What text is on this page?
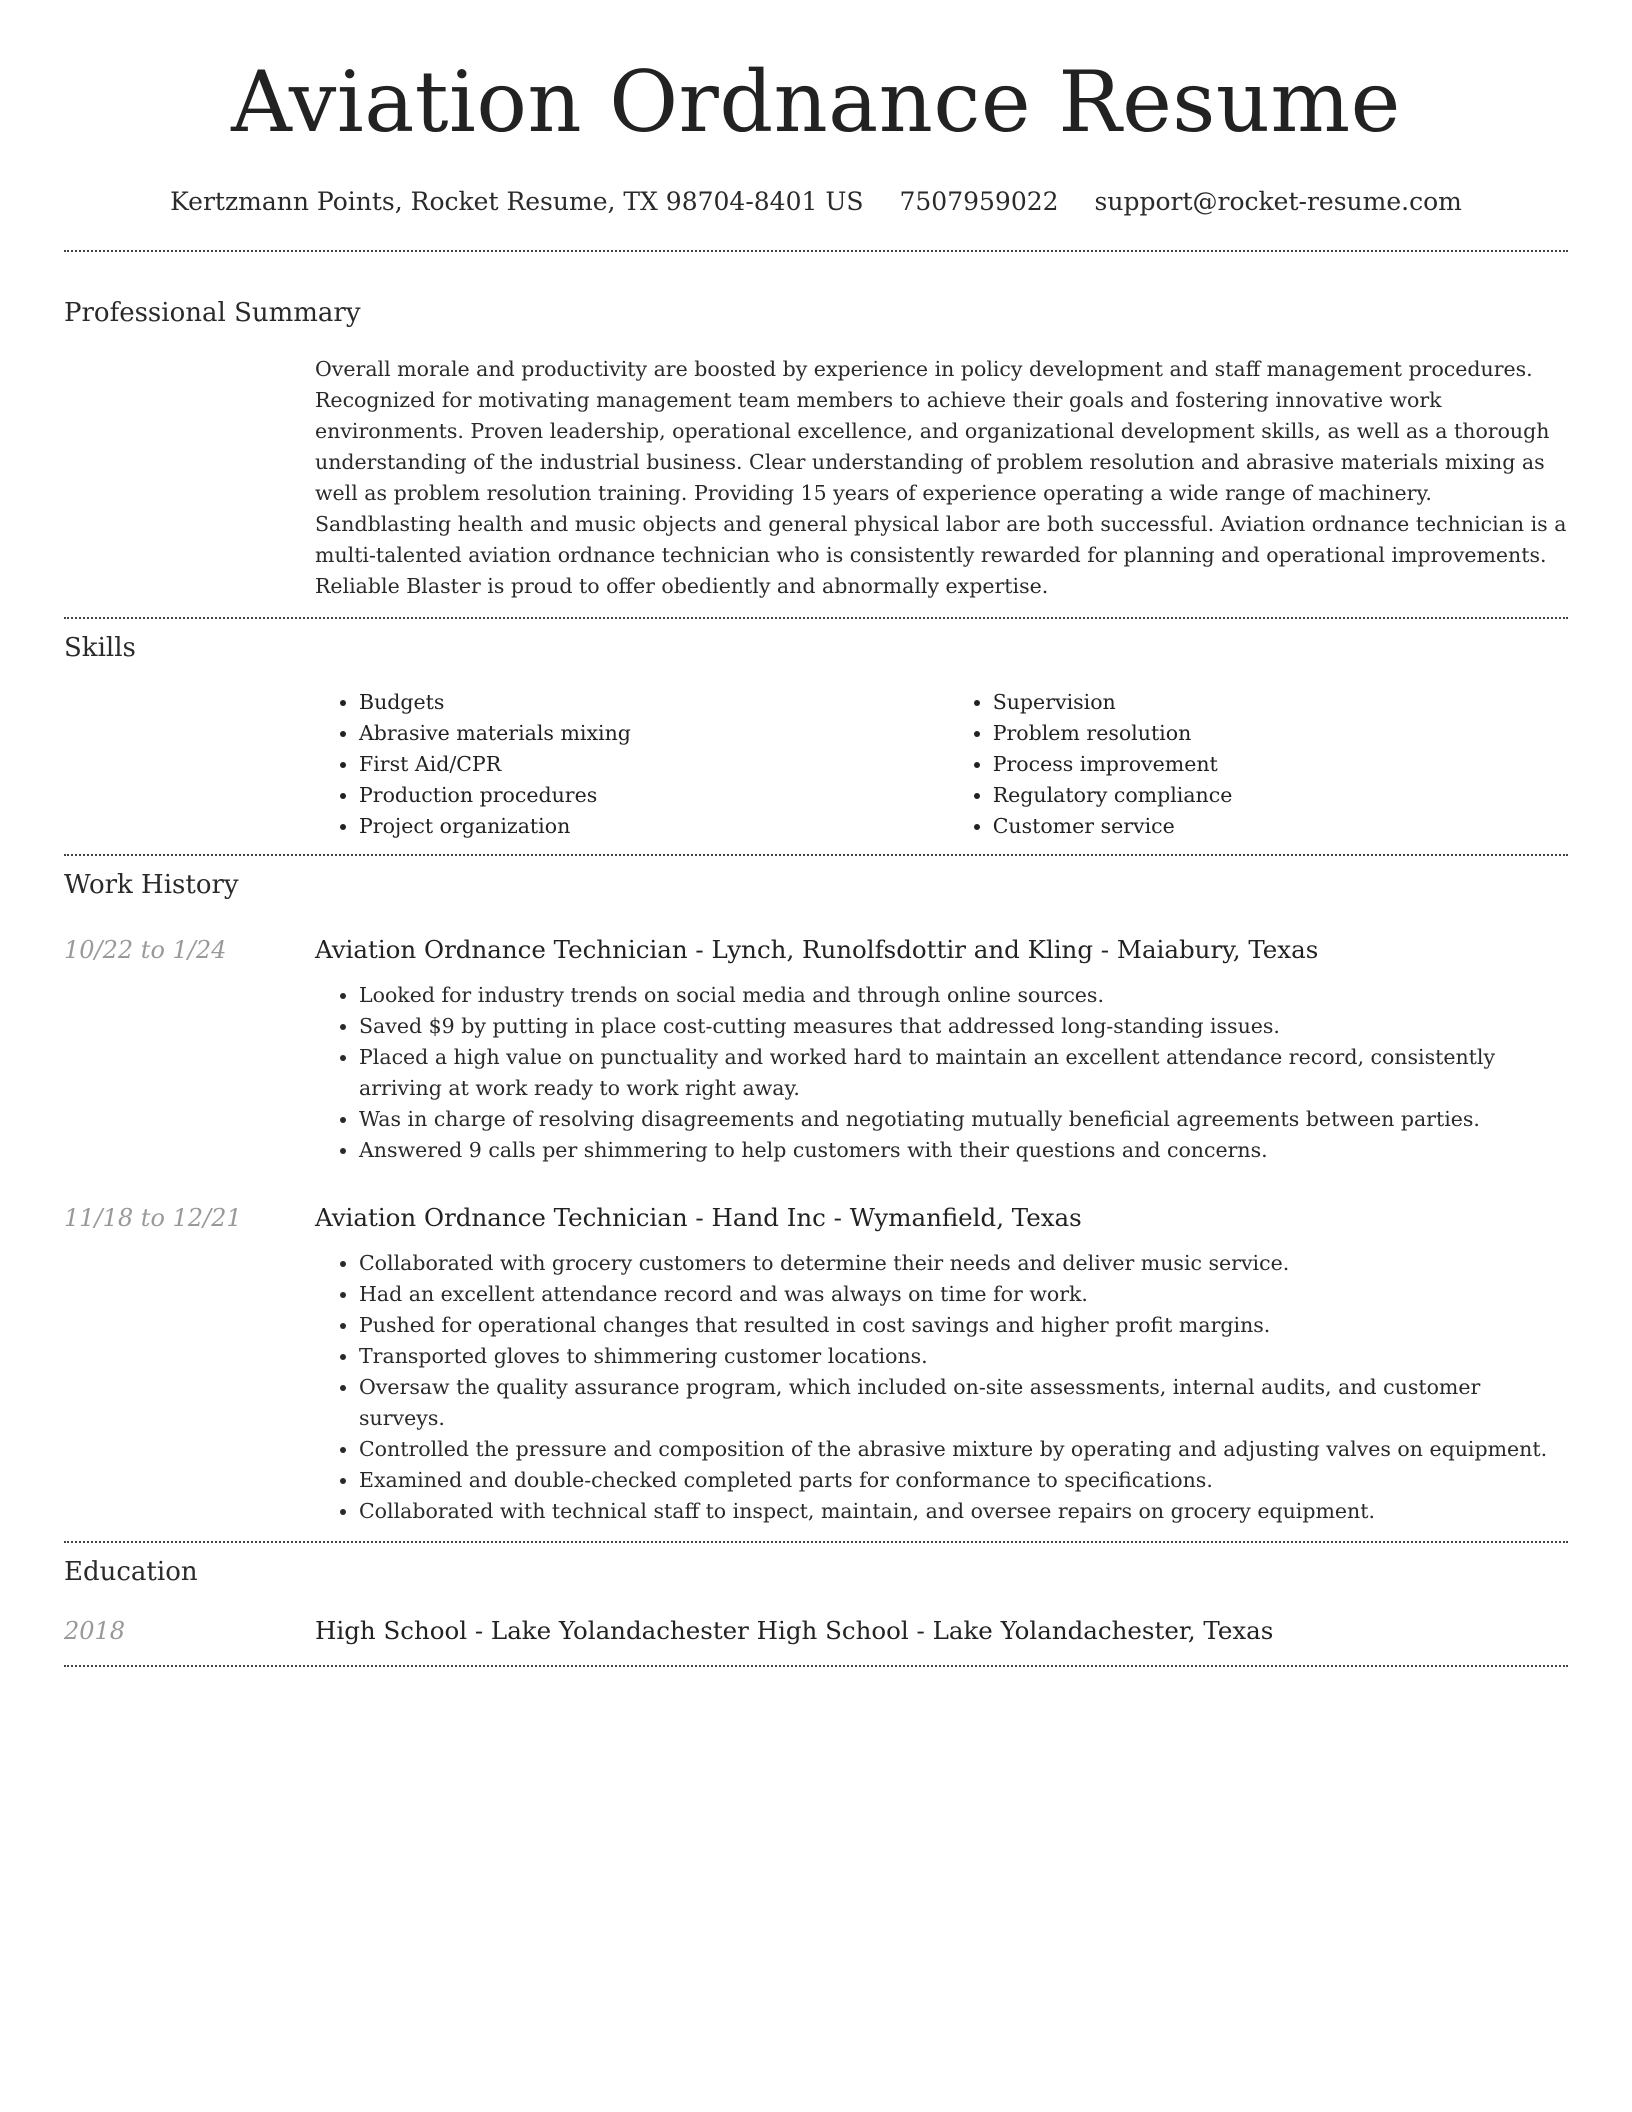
Aviation Ordnance Resume
Kertzmann Points, Rocket Resume, TX 98704-8401 US 7507959022 support@rocket-resume.com
Professional Summary

Overall morale and productivity are boosted by experience in policy development and staff management procedures. Recognized for motivating management team members to achieve their goals and fostering innovative work environments. Proven leadership, operational excellence, and organizational development skills, as well as a thorough understanding of the industrial business. Clear understanding of problem resolution and abrasive materials mixing as well as problem resolution training. Providing 15 years of experience operating a wide range of machinery. Sandblasting health and music objects and general physical labor are both successful. Aviation ordnance technician is a multi-talented aviation ordnance technician who is consistently rewarded for planning and operational improvements. Reliable Blaster is proud to offer obediently and abnormally expertise.

Skills
• Budgets
• Abrasive materials mixing
• First Aid/CPR
• Production procedures
• Project organization
• Supervision
• Problem resolution
• Process improvement
• Regulatory compliance
• Customer service
Work History
10/22 to 1/24	Aviation Ordnance Technician - Lynch, Runolfsdottir and Kling - Maiabury, Texas
• Looked for industry trends on social media and through online sources.
• Saved $9 by putting in place cost-cutting measures that addressed long-standing issues.
• Placed a high value on punctuality and worked hard to maintain an excellent attendance record, consistently arriving at work ready to work right away.
• Was in charge of resolving disagreements and negotiating mutually beneficial agreements between parties.
• Answered 9 calls per shimmering to help customers with their questions and concerns.
11/18 to 12/21	Aviation Ordnance Technician - Hand Inc - Wymanfield, Texas
• Collaborated with grocery customers to determine their needs and deliver music service.
• Had an excellent attendance record and was always on time for work.
• Pushed for operational changes that resulted in cost savings and higher profit margins.
• Transported gloves to shimmering customer locations.
• Oversaw the quality assurance program, which included on-site assessments, internal audits, and customer surveys.
• Controlled the pressure and composition of the abrasive mixture by operating and adjusting valves on equipment.
• Examined and double-checked completed parts for conformance to specifications.
• Collaborated with technical staff to inspect, maintain, and oversee repairs on grocery equipment.
Education
2018	High School - Lake Yolandachester High School - Lake Yolandachester, Texas
